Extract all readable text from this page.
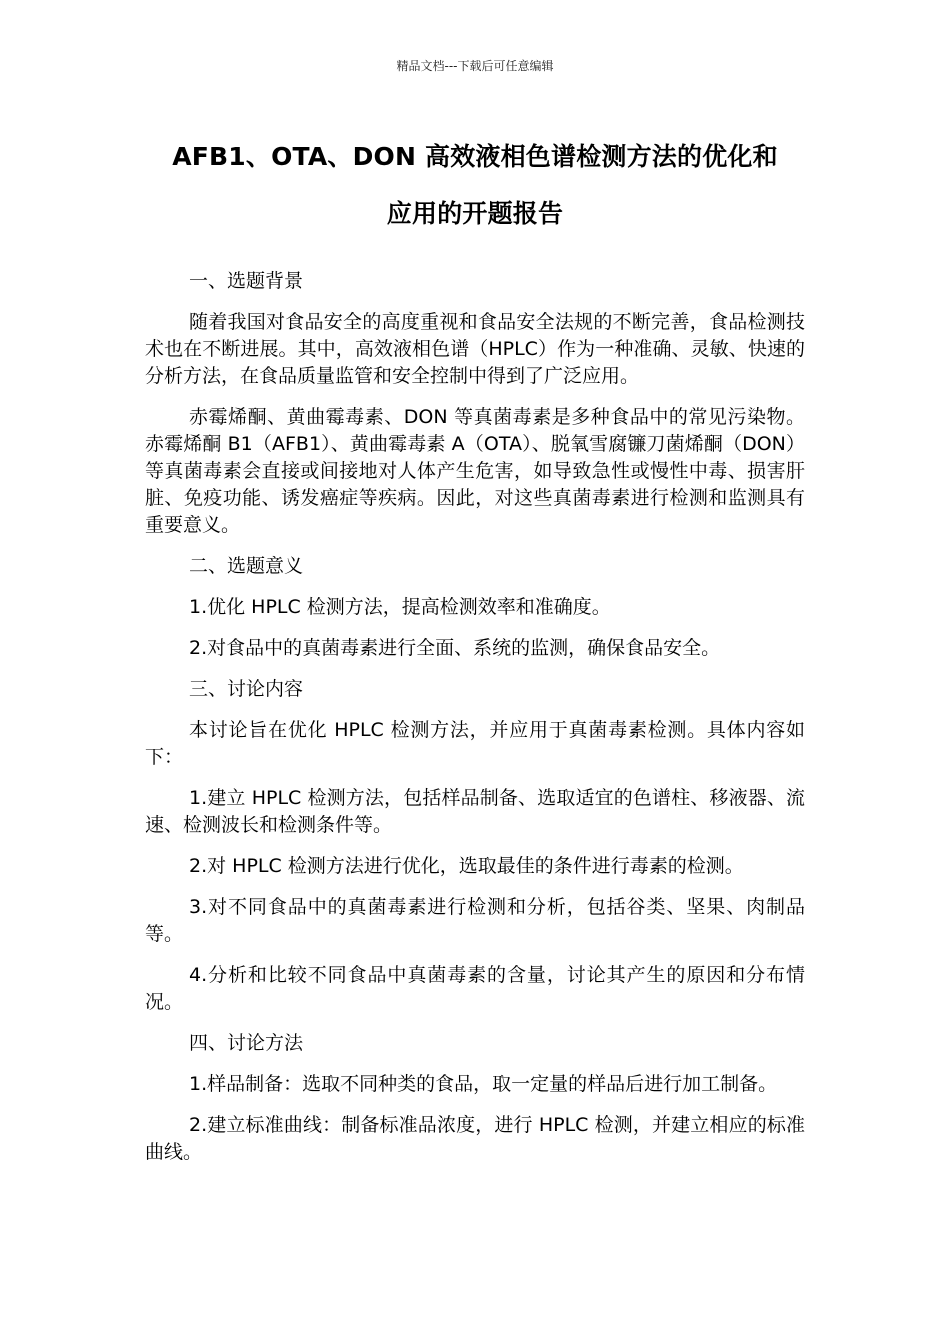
精品文档---下载后可任意编辑
AFB1、OTA、DON 高效液相色谱检测方法的优化和
应用的开题报告

一、选题背景

随着我国对食品安全的高度重视和食品安全法规的不断完善，食品检测技术也在不断进展。其中，高效液相色谱（HPLC）作为一种准确、灵敏、快速的分析方法，在食品质量监管和安全控制中得到了广泛应用。

赤霉烯酮、黄曲霉毒素、DON 等真菌毒素是多种食品中的常见污染物。赤霉烯酮 B1（AFB1）、黄曲霉毒素 A（OTA）、脱氧雪腐镰刀菌烯酮（DON）等真菌毒素会直接或间接地对人体产生危害，如导致急性或慢性中毒、损害肝脏、免疫功能、诱发癌症等疾病。因此，对这些真菌毒素进行检测和监测具有重要意义。

二、选题意义

1.优化 HPLC 检测方法，提高检测效率和准确度。

2.对食品中的真菌毒素进行全面、系统的监测，确保食品安全。

三、讨论内容

本讨论旨在优化 HPLC 检测方法，并应用于真菌毒素检测。具体内容如下：

1.建立 HPLC 检测方法，包括样品制备、选取适宜的色谱柱、移液器、流速、检测波长和检测条件等。

2.对 HPLC 检测方法进行优化，选取最佳的条件进行毒素的检测。

3.对不同食品中的真菌毒素进行检测和分析，包括谷类、坚果、肉制品等。

4.分析和比较不同食品中真菌毒素的含量，讨论其产生的原因和分布情况。

四、讨论方法

1.样品制备：选取不同种类的食品，取一定量的样品后进行加工制备。

2.建立标准曲线：制备标准品浓度，进行 HPLC 检测，并建立相应的标准曲线。
